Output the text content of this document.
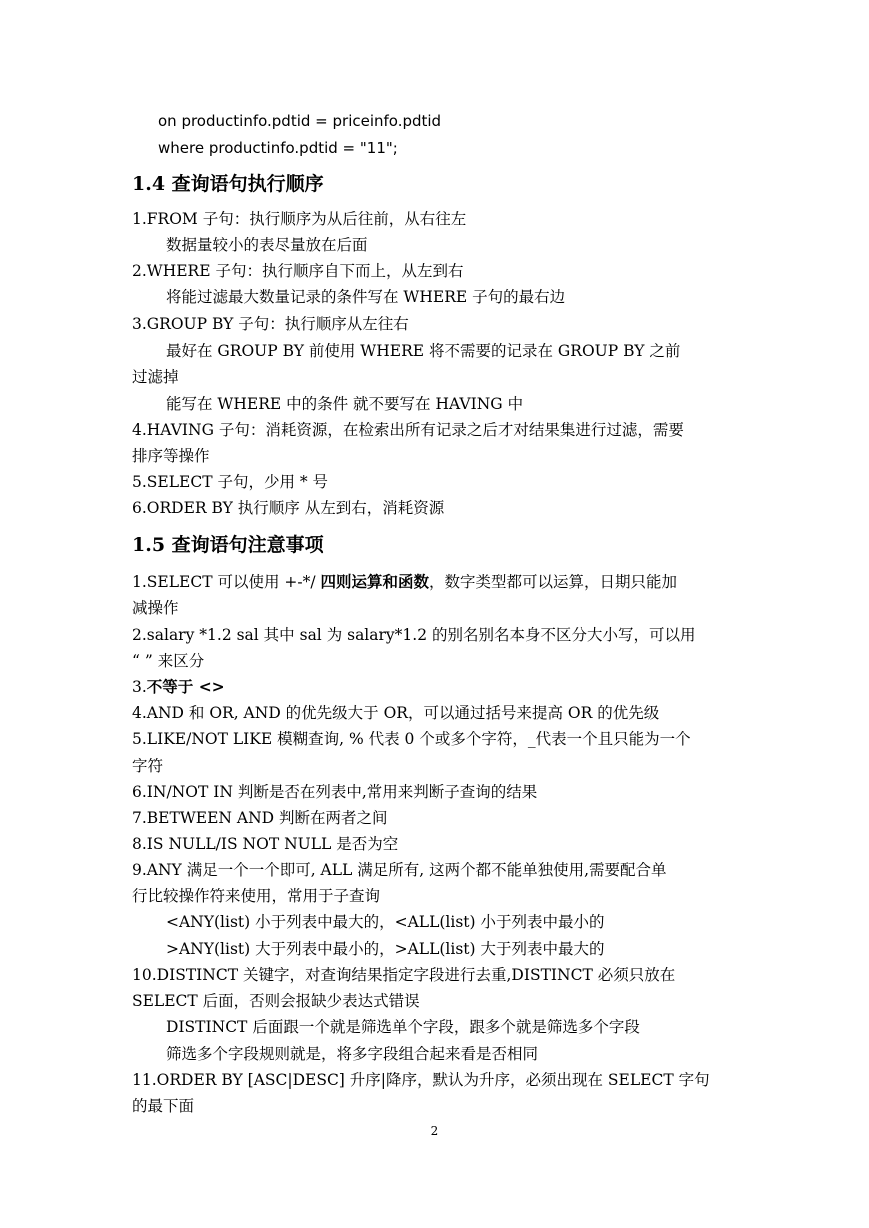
on productinfo.pdtid = priceinfo.pdtid
where productinfo.pdtid = "11";
1.4 查询语句执行顺序
1.FROM 子句：执行顺序为从后往前，从右往左
数据量较小的表尽量放在后面
2.WHERE 子句：执行顺序自下而上，从左到右
将能过滤最大数量记录的条件写在 WHERE 子句的最右边
3.GROUP BY 子句：执行顺序从左往右
最好在 GROUP BY 前使用 WHERE 将不需要的记录在 GROUP BY 之前
过滤掉
能写在 WHERE 中的条件 就不要写在 HAVING 中
4.HAVING 子句：消耗资源，在检索出所有记录之后才对结果集进行过滤，需要
排序等操作
5.SELECT 子句，少用 * 号
6.ORDER BY 执行顺序 从左到右，消耗资源
1.5 查询语句注意事项
1.SELECT 可以使用 +-*/ 四则运算和函数，数字类型都可以运算，日期只能加
减操作
2.salary *1.2 sal 其中 sal 为 salary*1.2 的别名别名本身不区分大小写，可以用
“ ” 来区分
3.不等于 <>
4.AND 和 OR, AND 的优先级大于 OR，可以通过括号来提高 OR 的优先级
5.LIKE/NOT LIKE 模糊查询, % 代表 0 个或多个字符，_代表一个且只能为一个
字符
6.IN/NOT IN 判断是否在列表中,常用来判断子查询的结果
7.BETWEEN AND 判断在两者之间
8.IS NULL/IS NOT NULL 是否为空
9.ANY 满足一个一个即可, ALL 满足所有, 这两个都不能单独使用,需要配合单
行比较操作符来使用，常用于子查询
<ANY(list) 小于列表中最大的，<ALL(list) 小于列表中最小的
>ANY(list) 大于列表中最小的，>ALL(list) 大于列表中最大的
10.DISTINCT 关键字，对查询结果指定字段进行去重,DISTINCT 必须只放在
SELECT 后面，否则会报缺少表达式错误
DISTINCT 后面跟一个就是筛选单个字段，跟多个就是筛选多个字段
筛选多个字段规则就是，将多字段组合起来看是否相同
11.ORDER BY [ASC|DESC] 升序|降序，默认为升序，必须出现在 SELECT 字句
的最下面
2
